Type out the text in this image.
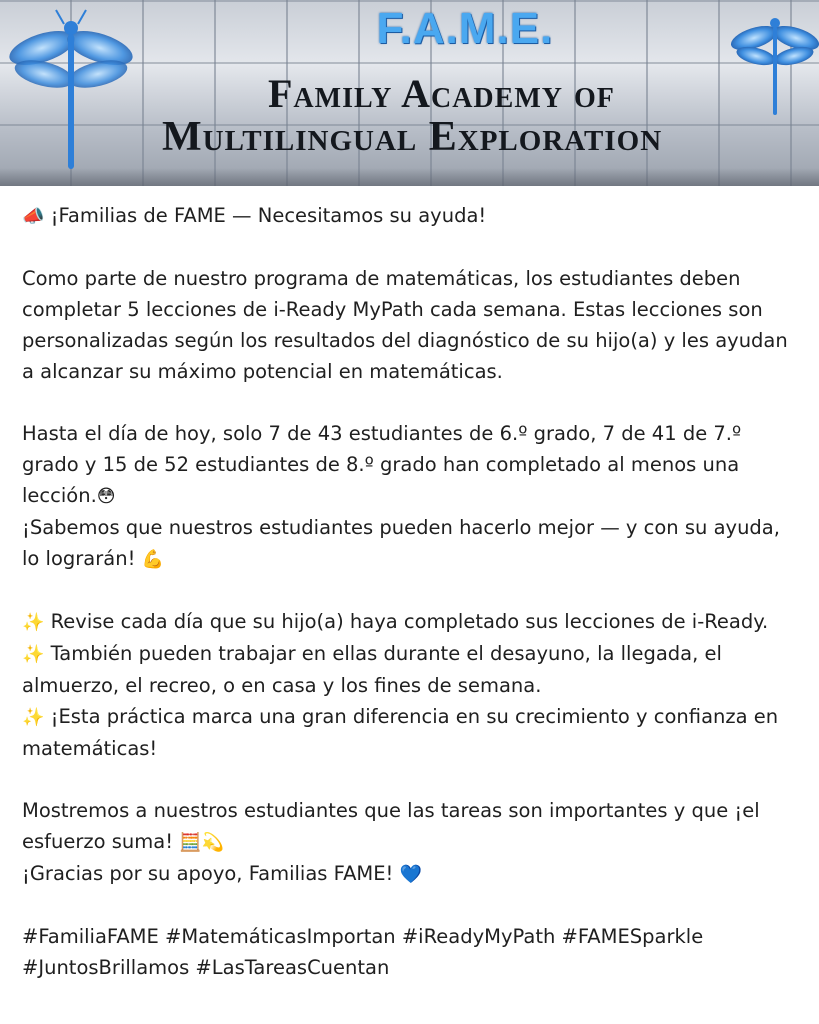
F.A.M.E.
Family Academy of
Multilingual Exploration

📣 ¡Familias de FAME — Necesitamos su ayuda!

Como parte de nuestro programa de matemáticas, los estudiantes deben completar 5 lecciones de i-Ready MyPath cada semana. Estas lecciones son personalizadas según los resultados del diagnóstico de su hijo(a) y les ayudan a alcanzar su máximo potencial en matemáticas.

Hasta el día de hoy, solo 7 de 43 estudiantes de 6.º grado, 7 de 41 de 7.º grado y 15 de 52 estudiantes de 8.º grado han completado al menos una lección.😳

¡Sabemos que nuestros estudiantes pueden hacerlo mejor — y con su ayuda, lo lograrán! 💪

✨ Revise cada día que su hijo(a) haya completado sus lecciones de i-Ready.

✨ También pueden trabajar en ellas durante el desayuno, la llegada, el almuerzo, el recreo, o en casa y los fines de semana.

✨ ¡Esta práctica marca una gran diferencia en su crecimiento y confianza en matemáticas!

Mostremos a nuestros estudiantes que las tareas son importantes y que ¡el esfuerzo suma! 🧮💫

¡Gracias por su apoyo, Familias FAME! 💙

#FamiliaFAME #MatemáticasImportan #iReadyMyPath #FAMESparkle #JuntosBrillamos #LasTareasCuentan
